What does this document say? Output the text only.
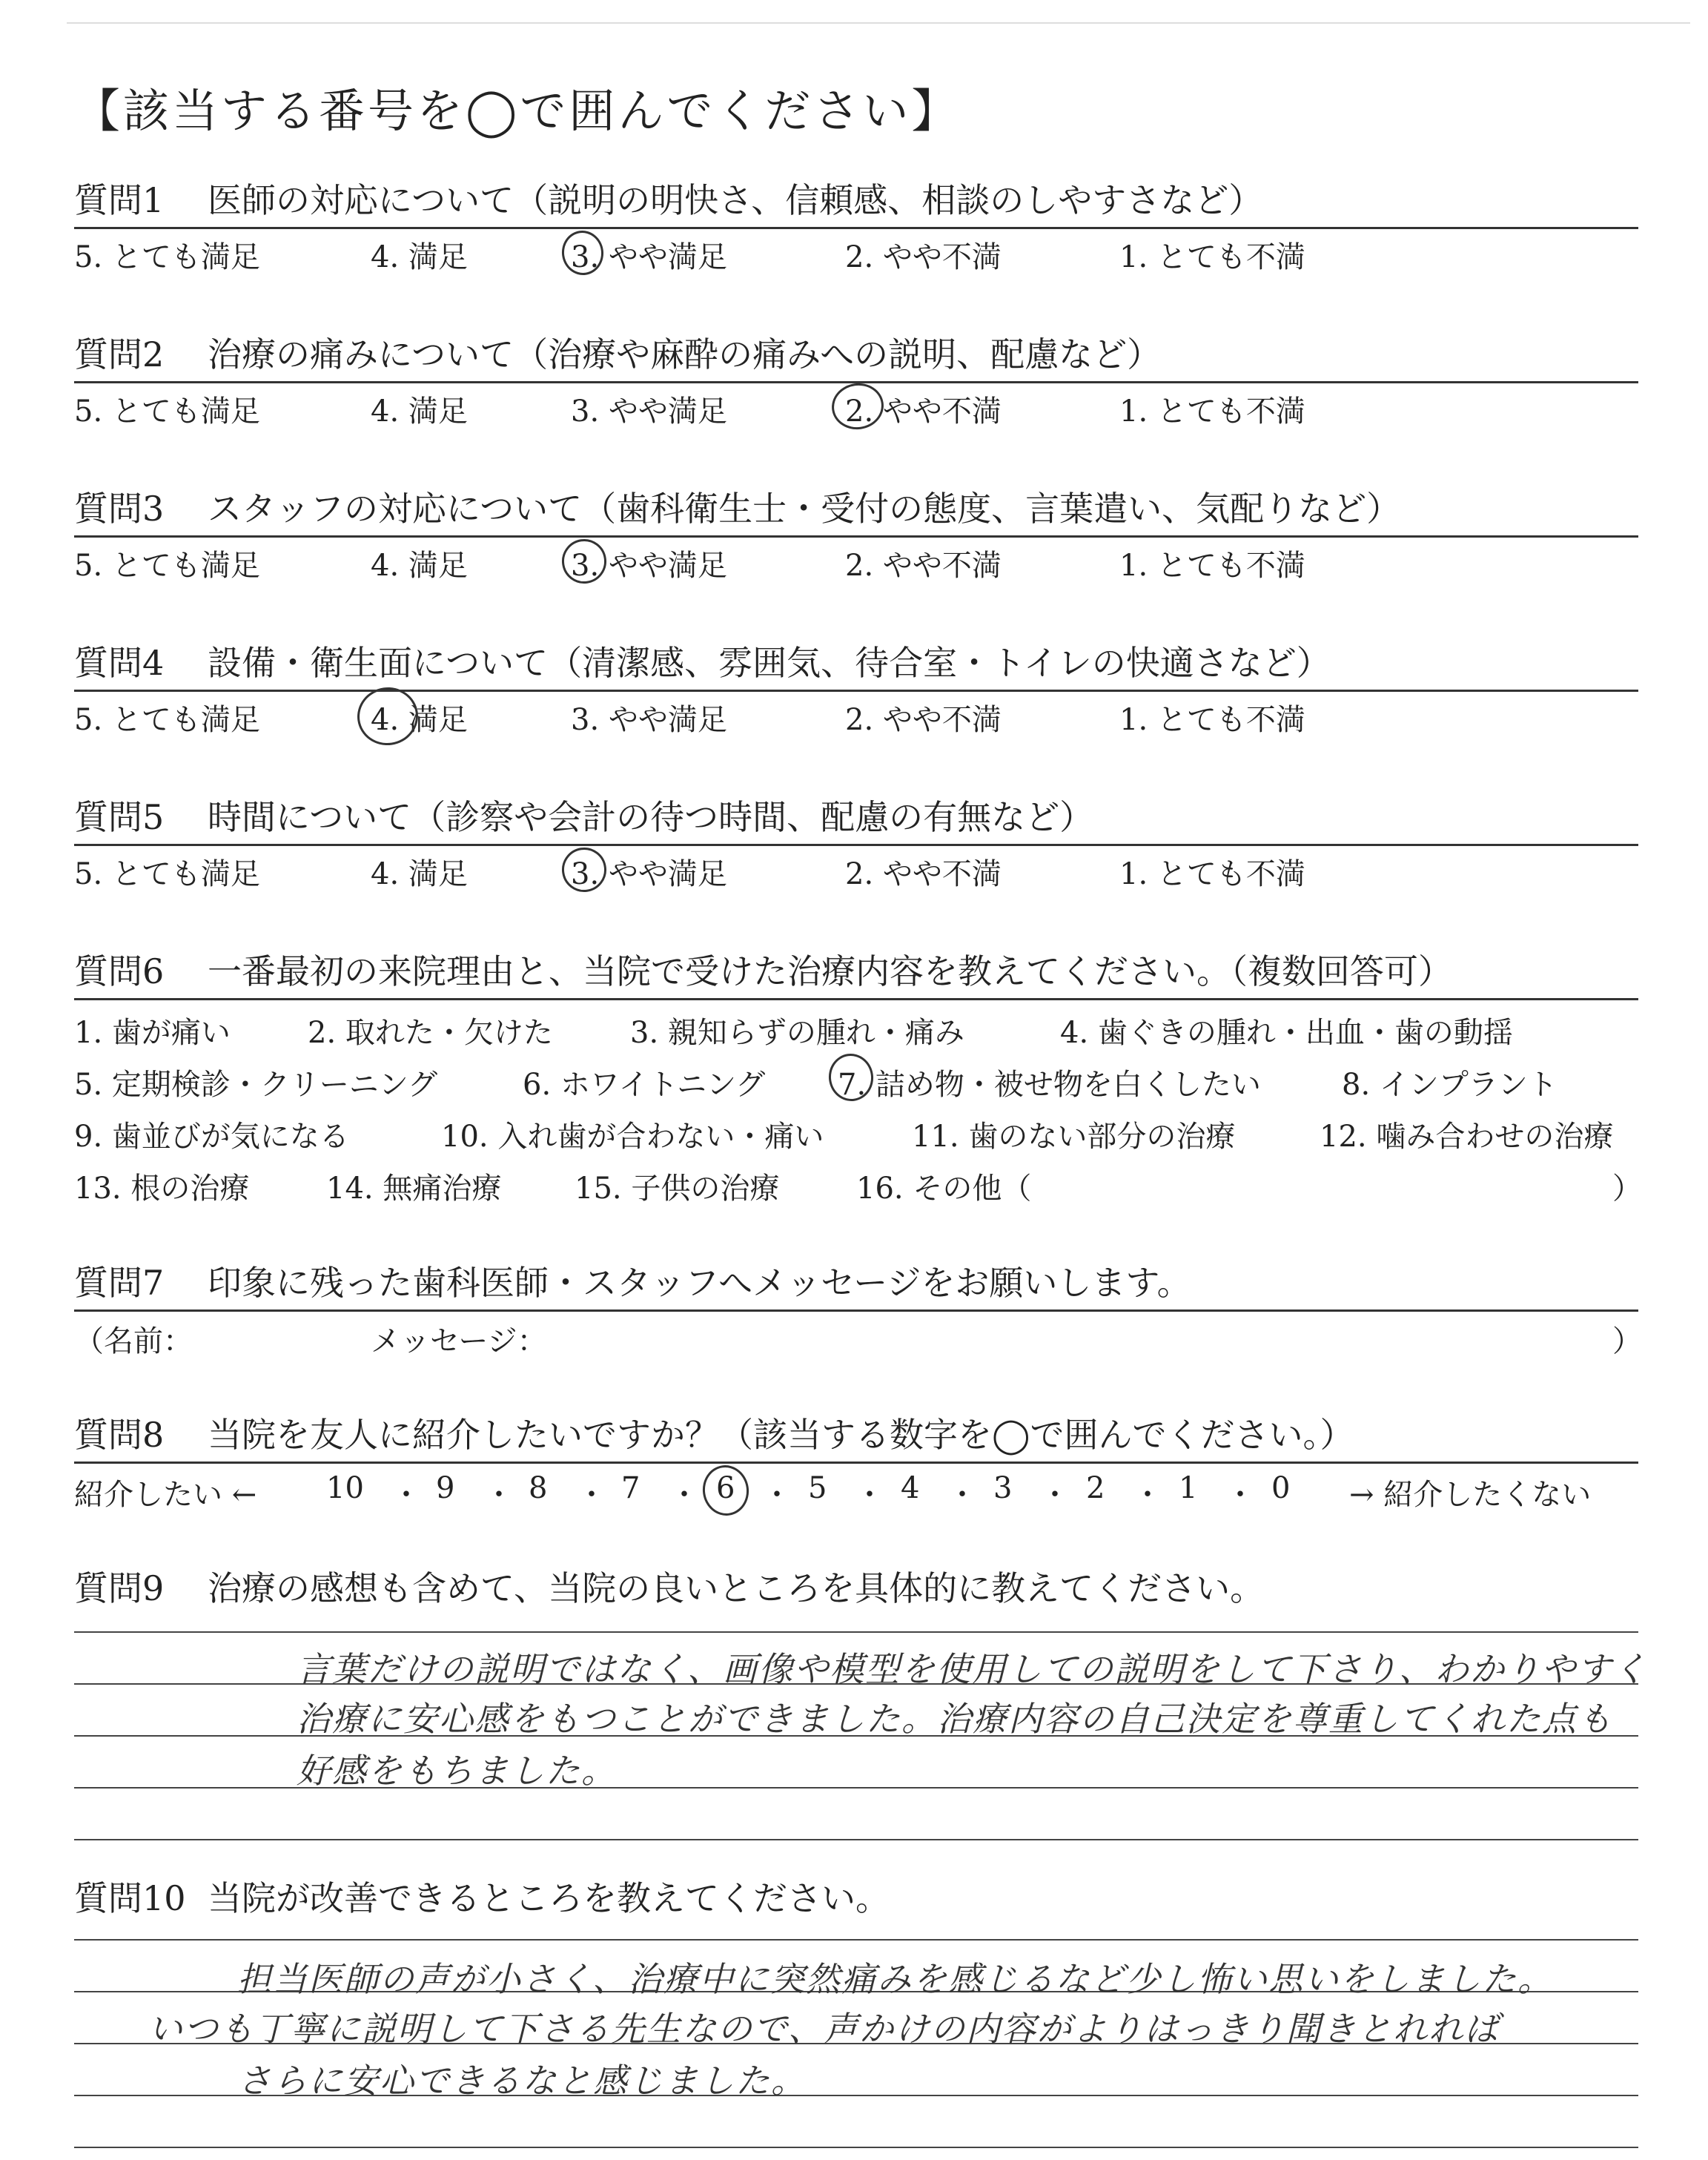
【該当する番号を◯で囲んでください】
質問1 医師の対応について（説明の明快さ、信頼感、相談のしやすさなど）
5. とても満足	4. 満足	3. やや満足	2. やや不満	1. とても不満
質問2 治療の痛みについて（治療や麻酔の痛みへの説明、配慮など）
5. とても満足	4. 満足	3. やや満足	2. やや不満	1. とても不満
質問3 スタッフの対応について（歯科衛生士・受付の態度、言葉遣い、気配りなど）
5. とても満足	4. 満足	3. やや満足	2. やや不満	1. とても不満
質問4 設備・衛生面について（清潔感、雰囲気、待合室・トイレの快適さなど）
5. とても満足	4. 満足	3. やや満足	2. やや不満	1. とても不満
質問5 時間について（診察や会計の待つ時間、配慮の有無など）
5. とても満足	4. 満足	3. やや満足	2. やや不満	1. とても不満
質問6 一番最初の来院理由と、当院で受けた治療内容を教えてください。（複数回答可）
1. 歯が痛い	2. 取れた・欠けた	3. 親知らずの腫れ・痛み	4. 歯ぐきの腫れ・出血・歯の動揺
5. 定期検診・クリーニング	6. ホワイトニング 7. 詰め物・被せ物を白くしたい	8. インプラント
9. 歯並びが気になる	10. 入れ歯が合わない・痛い	11. 歯のない部分の治療	12. 噛み合わせの治療
13. 根の治療	14. 無痛治療 15. 子供の治療	16. その他（	）
質問7 印象に残った歯科医師・スタッフへメッセージをお願いします。
（名前：	メッセージ：	）
質問8 当院を友人に紹介したいですか？（該当する数字を◯で囲んでください。）
紹介したい ← 10 ・ 9 ・ 8 ・ 7 ・ 6 ・ 5 ・ 4 ・ 3 ・ 2 ・ 1 ・ 0 → 紹介したくない
質問9 治療の感想も含めて、当院の良いところを具体的に教えてください。
言葉だけの説明ではなく、画像や模型を使用しての説明をして下さり、わかりやすく
治療に安心感をもつことができました。治療内容の自己決定を尊重してくれた点も
好感をもちました。
質問10 当院が改善できるところを教えてください。
担当医師の声が小さく、治療中に突然痛みを感じるなど少し怖い思いをしました。
いつも丁寧に説明して下さる先生なので、声かけの内容がよりはっきり聞きとれれば
さらに安心できるなと感じました。
